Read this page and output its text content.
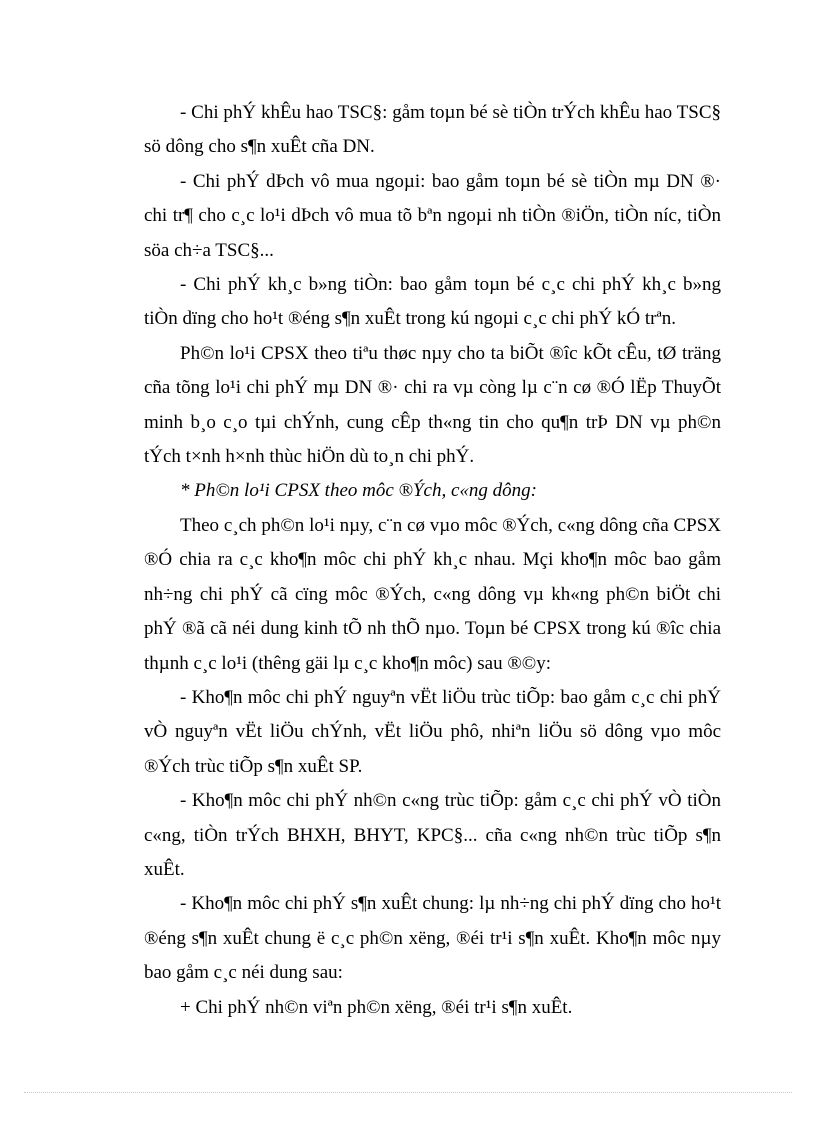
- Chi phÝ khÊu hao TSC§: gåm toµn bé sè tiÒn trÝch khÊu hao TSC§ sö dông cho s¶n xuÊt cña DN.

- Chi phÝ dÞch vô mua ngoµi: bao gåm toµn bé sè tiÒn mµ DN ®· chi tr¶ cho c¸c lo¹i dÞch vô mua tõ bªn ngoµi nh tiÒn ®iÖn, tiÒn níc, tiÒn söa ch÷a TSC§...

- Chi phÝ kh¸c b»ng tiÒn: bao gåm toµn bé c¸c chi phÝ kh¸c b»ng tiÒn dïng cho ho¹t ®éng s¶n xuÊt trong kú ngoµi c¸c chi phÝ kÓ trªn.

Ph©n lo¹i CPSX theo tiªu thøc nµy cho ta biÕt ®îc kÕt cÊu, tØ träng cña tõng lo¹i chi phÝ mµ DN ®· chi ra vµ còng lµ c¨n cø ®Ó lËp ThuyÕt minh b¸o c¸o tµi chÝnh, cung cÊp th«ng tin cho qu¶n trÞ DN vµ ph©n tÝch t×nh h×nh thùc hiÖn dù to¸n chi phÝ.

* Ph©n lo¹i CPSX theo môc ®Ých, c«ng dông:

Theo c¸ch ph©n lo¹i nµy, c¨n cø vµo môc ®Ých, c«ng dông cña CPSX ®Ó chia ra c¸c kho¶n môc chi phÝ kh¸c nhau. Mçi kho¶n môc bao gåm nh÷ng chi phÝ cã cïng môc ®Ých, c«ng dông vµ kh«ng ph©n biÖt chi phÝ ®ã cã néi dung kinh tÕ nh thÕ nµo. Toµn bé CPSX trong kú ®îc chia thµnh c¸c lo¹i (thêng gäi lµ c¸c kho¶n môc) sau ®©y:

- Kho¶n môc chi phÝ nguyªn vËt liÖu trùc tiÕp: bao gåm c¸c chi phÝ vÒ nguyªn vËt liÖu chÝnh, vËt liÖu phô, nhiªn liÖu sö dông vµo môc ®Ých trùc tiÕp s¶n xuÊt SP.

- Kho¶n môc chi phÝ nh©n c«ng trùc tiÕp: gåm c¸c chi phÝ vÒ tiÒn c«ng, tiÒn trÝch BHXH, BHYT, KPC§... cña c«ng nh©n trùc tiÕp s¶n xuÊt.

- Kho¶n môc chi phÝ s¶n xuÊt chung: lµ nh÷ng chi phÝ dïng cho ho¹t ®éng s¶n xuÊt chung ë c¸c ph©n xëng, ®éi tr¹i s¶n xuÊt. Kho¶n môc nµy bao gåm c¸c néi dung sau:

+ Chi phÝ nh©n viªn ph©n xëng, ®éi tr¹i s¶n xuÊt.
